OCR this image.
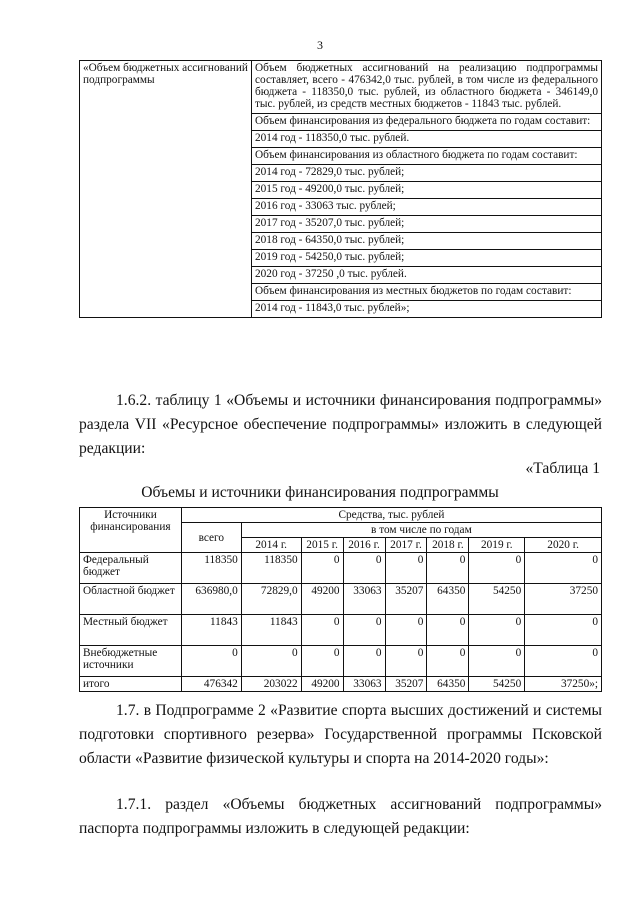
3
«Объем бюджетных ассигнований подпрограммы	
Объем бюджетных ассигнований на реализацию подпрограммы составляет, всего - 476342,0 тыс. рублей, в том числе из федерального бюджета - 118350,0 тыс. рублей, из областного бюджета - 346149,0 тыс. рублей, из средств местных бюджетов - 11843 тыс. рублей.
Объем финансирования из федерального бюджета по годам составит:
2014 год - 118350,0 тыс. рублей.
Объем финансирования из областного бюджета по годам составит:
2014 год - 72829,0 тыс. рублей;
2015 год - 49200,0 тыс. рублей;
2016 год - 33063 тыс. рублей;
2017 год - 35207,0 тыс. рублей;
2018 год - 64350,0 тыс. рублей;
2019 год - 54250,0 тыс. рублей;
2020 год - 37250 ,0 тыс. рублей.
Объем финансирования из местных бюджетов по годам составит:
2014 год - 11843,0 тыс. рублей»;
1.6.2. таблицу 1 «Объемы и источники финансирования подпрограммы» раздела VII «Ресурсное обеспечение подпрограммы» изложить в следующей редакции:
«Таблица 1
Объемы и источники финансирования подпрограммы
Источники финансирования	Средства, тыс. рублей							
	всего	в том числе по годам						
		2014 г.	2015 г.	2016 г.	2017 г.	2018 г.	2019 г.	2020 г.
Федеральный бюджет	118350	118350	0	0	0	0	0	0
Областной бюджет	636980,0	72829,0	49200	33063	35207	64350	54250	37250
Местный бюджет	11843	11843	0	0	0	0	0	0
Внебюджетные источники	0	0	0	0	0	0	0	0
итого	476342	203022	49200	33063	35207	64350	54250	37250»;
1.7. в Подпрограмме 2 «Развитие спорта высших достижений и системы подготовки спортивного резерва» Государственной программы Псковской области «Развитие физической культуры и спорта на 2014-2020 годы»:
1.7.1. раздел «Объемы бюджетных ассигнований подпрограммы» паспорта подпрограммы изложить в следующей редакции:
